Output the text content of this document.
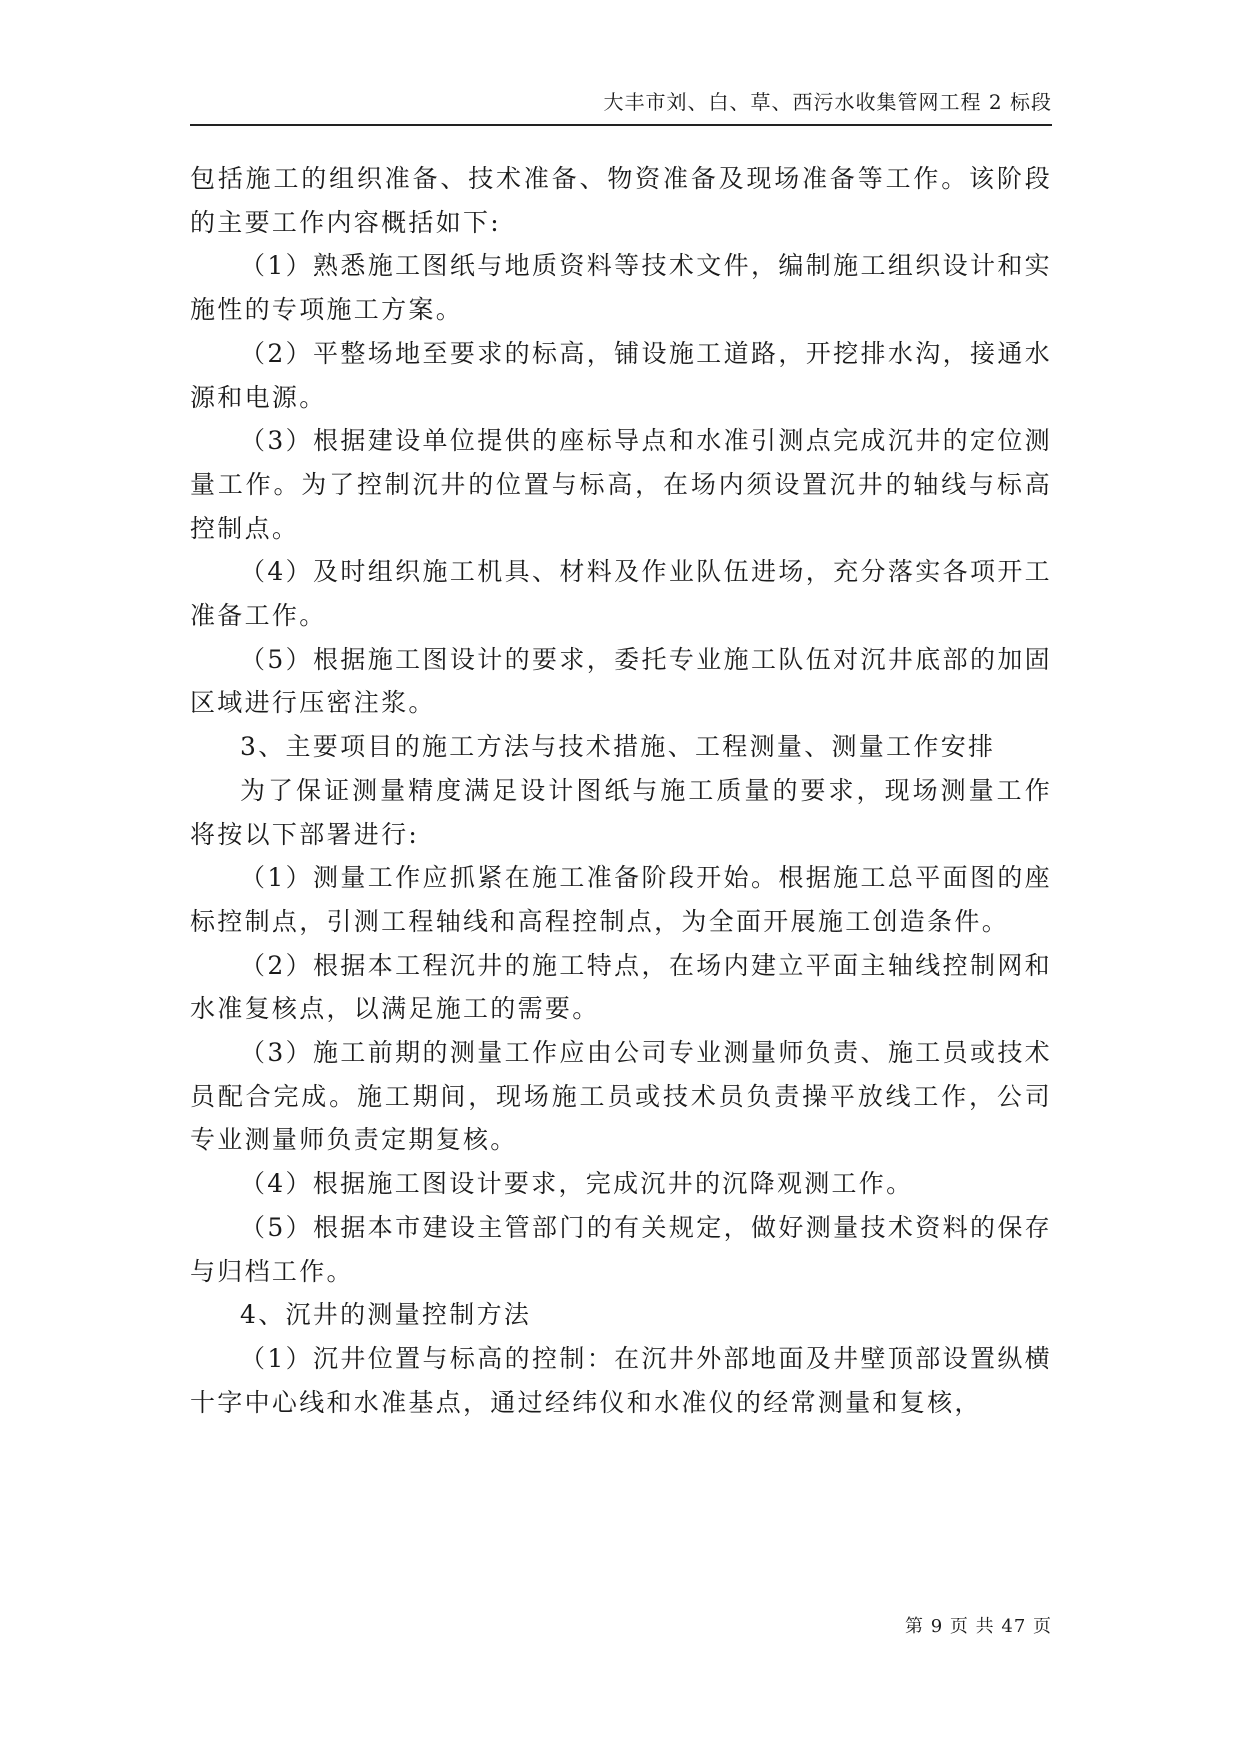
大丰市刘、白、草、西污水收集管网工程 2 标段

包括施工的组织准备、技术准备、物资准备及现场准备等工作。该阶段的主要工作内容概括如下:

（1）熟悉施工图纸与地质资料等技术文件，编制施工组织设计和实施性的专项施工方案。

（2）平整场地至要求的标高，铺设施工道路，开挖排水沟，接通水源和电源。

（3）根据建设单位提供的座标导点和水准引测点完成沉井的定位测量工作。为了控制沉井的位置与标高，在场内须设置沉井的轴线与标高控制点。

（4）及时组织施工机具、材料及作业队伍进场，充分落实各项开工准备工作。

（5）根据施工图设计的要求，委托专业施工队伍对沉井底部的加固区域进行压密注浆。

3、主要项目的施工方法与技术措施、工程测量、测量工作安排

为了保证测量精度满足设计图纸与施工质量的要求，现场测量工作将按以下部署进行:

（1）测量工作应抓紧在施工准备阶段开始。根据施工总平面图的座标控制点，引测工程轴线和高程控制点，为全面开展施工创造条件。

（2）根据本工程沉井的施工特点，在场内建立平面主轴线控制网和水准复核点，以满足施工的需要。

（3）施工前期的测量工作应由公司专业测量师负责、施工员或技术员配合完成。施工期间，现场施工员或技术员负责操平放线工作，公司专业测量师负责定期复核。

（4）根据施工图设计要求，完成沉井的沉降观测工作。

（5）根据本市建设主管部门的有关规定，做好测量技术资料的保存与归档工作。

4、沉井的测量控制方法

（1）沉井位置与标高的控制：在沉井外部地面及井壁顶部设置纵横十字中心线和水准基点，通过经纬仪和水准仪的经常测量和复核，

第 9 页 共 47 页
